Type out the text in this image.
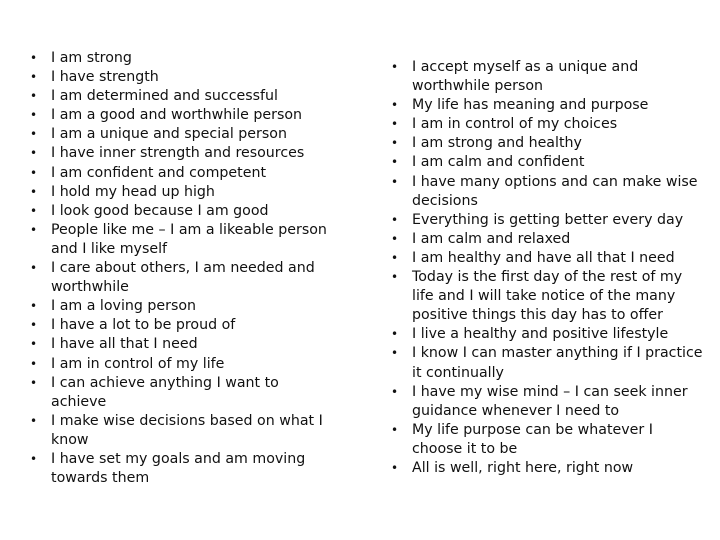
• I am strong
• I have strength
• I am determined and successful
• I am a good and worthwhile person
• I am a unique and special person
• I have inner strength and resources
• I am confident and competent
• I hold my head up high
• I look good because I am good
• People like me – I am a likeable person and I like myself
• I care about others, I am needed and worthwhile
• I am a loving person
• I have a lot to be proud of
• I have all that I need
• I am in control of my life
• I can achieve anything I want to achieve
• I make wise decisions based on what I know
• I have set my goals and am moving towards them
• I accept myself as a unique and worthwhile person
• My life has meaning and purpose
• I am in control of my choices
• I am strong and healthy
• I am calm and confident
• I have many options and can make wise decisions
• Everything is getting better every day
• I am calm and relaxed
• I am healthy and have all that I need
• Today is the first day of the rest of my life and I will take notice of the many positive things this day has to offer
• I live a healthy and positive lifestyle
• I know I can master anything if I practice it continually
• I have my wise mind – I can seek inner guidance whenever I need to
• My life purpose can be whatever I choose it to be
• All is well, right here, right now
